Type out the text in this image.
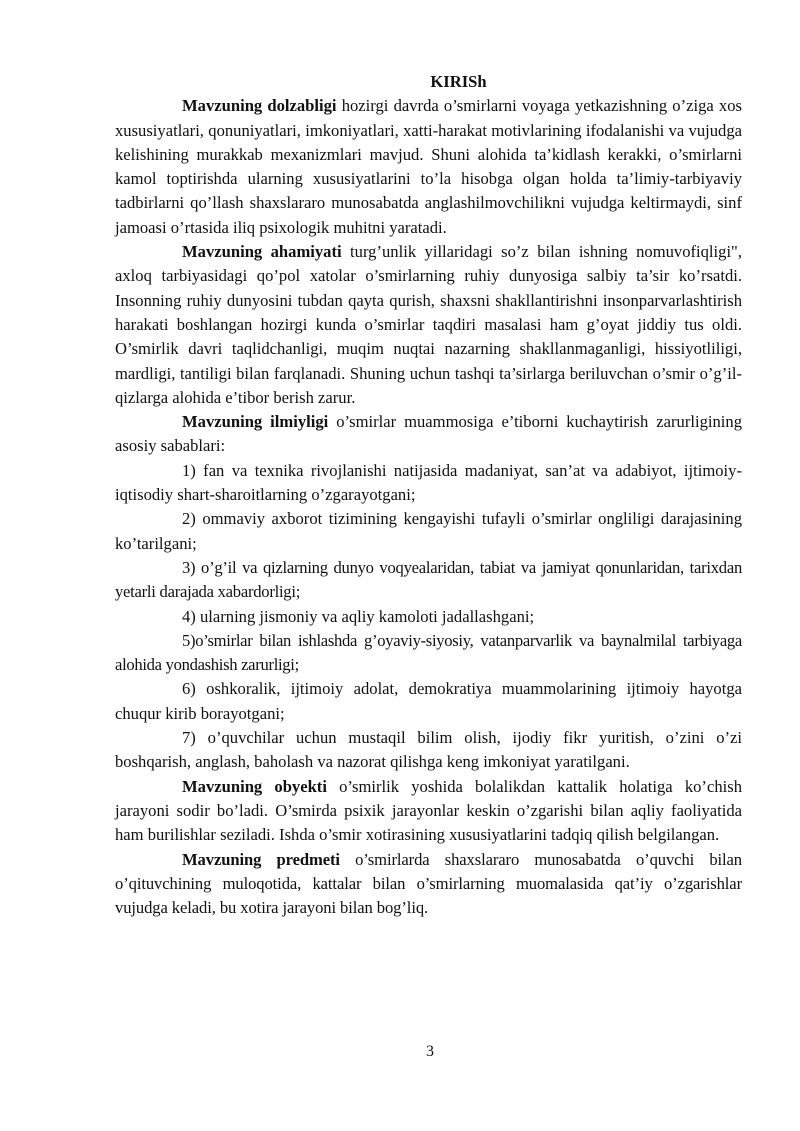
KIRISh

Mavzuning dolzabligi hozirgi davrda o’smirlarni voyaga yetkazishning o’ziga xos xususiyatlari, qonuniyatlari, imkoniyatlari, xatti-harakat motivlarining ifodalanishi va vujudga kelishining murakkab mexanizmlari mavjud. Shuni alohida ta’kidlash kerakki, o’smirlarni kamol toptirishda ularning xususiyatlarini to’la hisobga olgan holda ta’limiy-tarbiyaviy tadbirlarni qo’llash shaxslararo munosabatda anglashilmovchilikni vujudga keltirmaydi, sinf jamoasi o’rtasida iliq psixologik muhitni yaratadi.

Mavzuning ahamiyati turg’unlik yillaridagi so’z bilan ishning nomuvofiqligi", axloq tarbiyasidagi qo’pol xatolar o’smirlarning ruhiy dunyosiga salbiy ta’sir ko’rsatdi. Insonning ruhiy dunyosini tubdan qayta qurish, shaxsni shakllantirishni insonparvarlashtirish harakati boshlangan hozirgi kunda o’smirlar taqdiri masalasi ham g’oyat jiddiy tus oldi. O’smirlik davri taqlidchanligi, muqim nuqtai nazarning shakllanmaganligi, hissiyotliligi, mardligi, tantiligi bilan farqlanadi. Shuning uchun tashqi ta’sirlarga beriluvchan o’smir o’g’il-qizlarga alohida e’tibor berish zarur.

Mavzuning ilmiyligi o’smirlar muammosiga e’tiborni kuchaytirish zarurligining asosiy sabablari:

1) fan va texnika rivojlanishi natijasida madaniyat, san’at va adabiyot, ijtimoiy-iqtisodiy shart-sharoitlarning o’zgarayotgani;

2) ommaviy axborot tizimining kengayishi tufayli o’smirlar ongliligi darajasining ko’tarilgani;

3) o’g’il va qizlarning dunyo voqyealaridan, tabiat va jamiyat qonunlaridan, tarixdan yetarli darajada xabardorligi;

4) ularning jismoniy va aqliy kamoloti jadallashgani;

5)o’smirlar bilan ishlashda g’oyaviy-siyosiy, vatanparvarlik va baynalmilal tarbiyaga alohida yondashish zarurligi;

6) oshkoralik, ijtimoiy adolat, demokratiya muammolarining ijtimoiy hayotga chuqur kirib borayotgani;

7) o’quvchilar uchun mustaqil bilim olish, ijodiy fikr yuritish, o’zini o’zi boshqarish, anglash, baholash va nazorat qilishga keng imkoniyat yaratilgani.

Mavzuning obyekti o’smirlik yoshida bolalikdan kattalik holatiga ko’chish jarayoni sodir bo’ladi. O’smirda psixik jarayonlar keskin o’zgarishi bilan aqliy faoliyatida ham burilishlar seziladi. Ishda o’smir xotirasining xususiyatlarini tadqiq qilish belgilangan.

Mavzuning predmeti o’smirlarda shaxslararo munosabatda o’quvchi bilan o’qituvchining muloqotida, kattalar bilan o’smirlarning muomalasida qat’iy o’zgarishlar vujudga keladi, bu xotira jarayoni bilan bog’liq.

3
